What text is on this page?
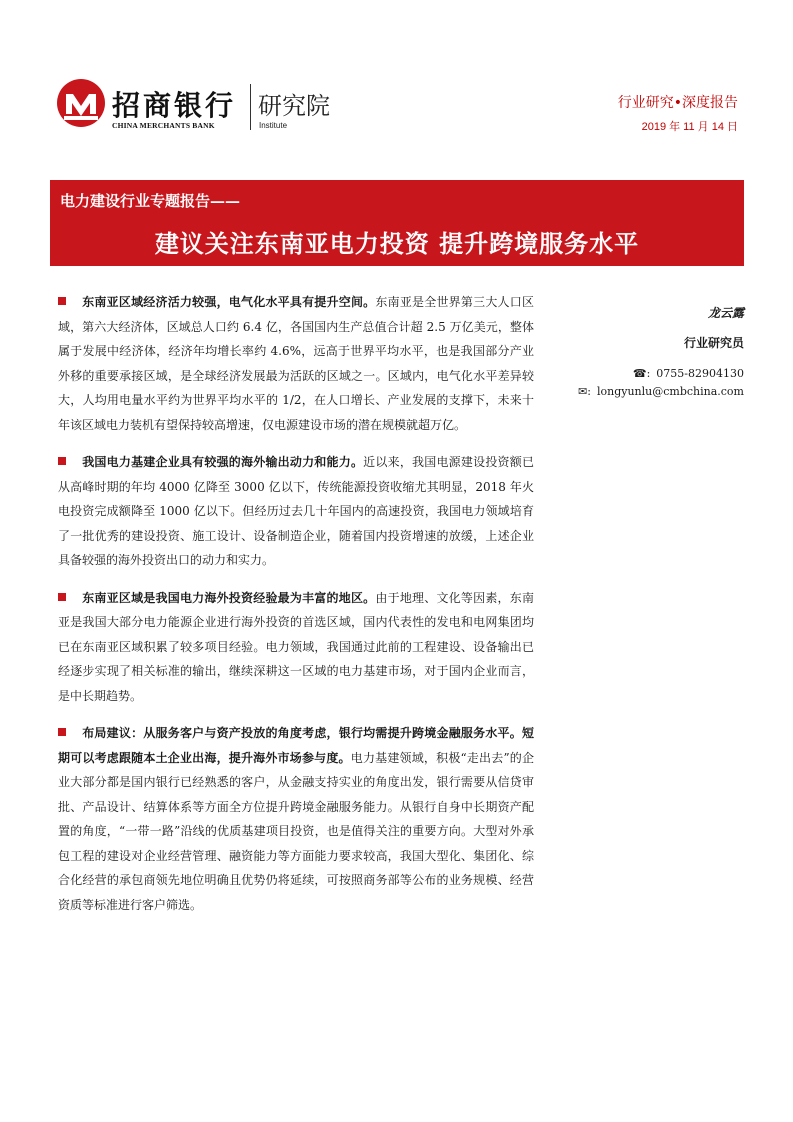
招商银行
CHINA MERCHANTS BANK
研究院
Institute
行业研究•深度报告
2019 年 11 月 14 日
电力建设行业专题报告——
建议关注东南亚电力投资 提升跨境服务水平

东南亚区域经济活力较强，电气化水平具有提升空间。东南亚是全世界第三大人口区域，第六大经济体，区域总人口约 6.4 亿，各国国内生产总值合计超 2.5 万亿美元，整体属于发展中经济体，经济年均增长率约 4.6%，远高于世界平均水平，也是我国部分产业外移的重要承接区域，是全球经济发展最为活跃的区域之一。区域内，电气化水平差异较大，人均用电量水平约为世界平均水平的 1/2，在人口增长、产业发展的支撑下，未来十年该区域电力装机有望保持较高增速，仅电源建设市场的潜在规模就超万亿。

我国电力基建企业具有较强的海外输出动力和能力。近以来，我国电源建设投资额已从高峰时期的年均 4000 亿降至 3000 亿以下，传统能源投资收缩尤其明显，2018 年火电投资完成额降至 1000 亿以下。但经历过去几十年国内的高速投资，我国电力领域培育了一批优秀的建设投资、施工设计、设备制造企业，随着国内投资增速的放缓，上述企业具备较强的海外投资出口的动力和实力。

东南亚区域是我国电力海外投资经验最为丰富的地区。由于地理、文化等因素，东南亚是我国大部分电力能源企业进行海外投资的首选区域，国内代表性的发电和电网集团均已在东南亚区域积累了较多项目经验。电力领域，我国通过此前的工程建设、设备输出已经逐步实现了相关标准的输出，继续深耕这一区域的电力基建市场，对于国内企业而言，是中长期趋势。

布局建议：从服务客户与资产投放的角度考虑，银行均需提升跨境金融服务水平。短期可以考虑跟随本土企业出海，提升海外市场参与度。电力基建领域，积极“走出去”的企业大部分都是国内银行已经熟悉的客户，从金融支持实业的角度出发，银行需要从信贷审批、产品设计、结算体系等方面全方位提升跨境金融服务能力。从银行自身中长期资产配置的角度，“一带一路”沿线的优质基建项目投资，也是值得关注的重要方向。大型对外承包工程的建设对企业经营管理、融资能力等方面能力要求较高，我国大型化、集团化、综合化经营的承包商领先地位明确且优势仍将延续，可按照商务部等公布的业务规模、经营资质等标准进行客户筛选。

龙云露
行业研究员
☎: 0755-82904130
✉: longyunlu@cmbchina.com
